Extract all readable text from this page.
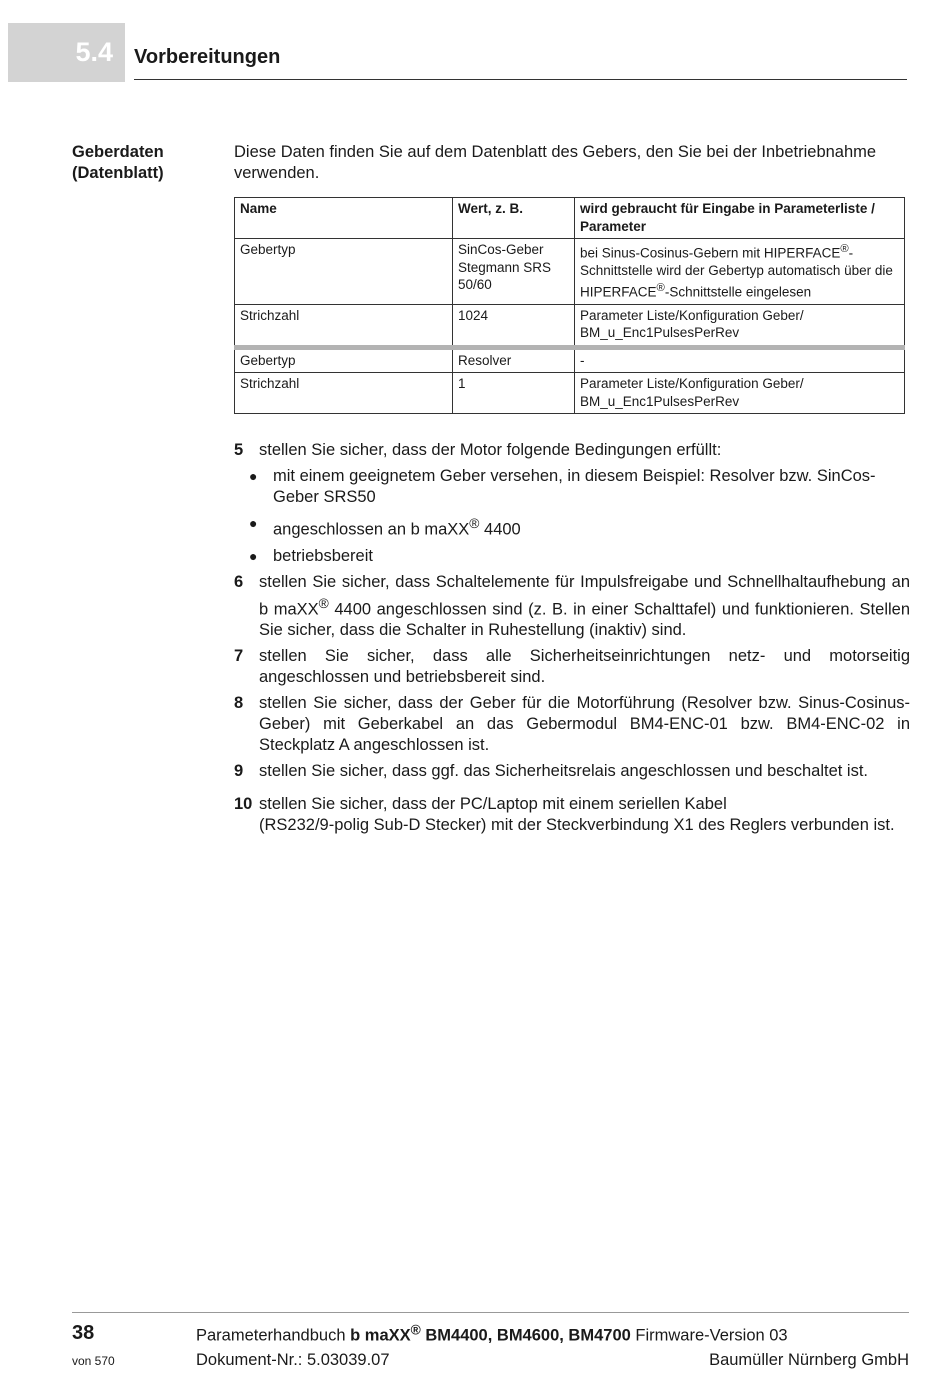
5.4 Vorbereitungen
Geberdaten
(Datenblatt)
Diese Daten finden Sie auf dem Datenblatt des Gebers, den Sie bei der Inbetriebnahme verwenden.
Name	Wert, z. B.	wird gebraucht für Eingabe in Parameterliste / Parameter
Gebertyp	SinCos-Geber Stegmann SRS 50/60	bei Sinus-Cosinus-Gebern mit HIPERFACE®-Schnittstelle wird der Gebertyp automatisch über die HIPERFACE®-Schnittstelle eingelesen
Strichzahl	1024	Parameter Liste/Konfiguration Geber/ BM_u_Enc1PulsesPerRev
Gebertyp	Resolver	-
Strichzahl	1	Parameter Liste/Konfiguration Geber/ BM_u_Enc1PulsesPerRev
5 stellen Sie sicher, dass der Motor folgende Bedingungen erfüllt:
● mit einem geeignetem Geber versehen, in diesem Beispiel: Resolver bzw. SinCos-Geber SRS50
● angeschlossen an b maXX® 4400
● betriebsbereit
6 stellen Sie sicher, dass Schaltelemente für Impulsfreigabe und Schnellhaltaufhebung an b maXX® 4400 angeschlossen sind (z. B. in einer Schalttafel) und funktionieren. Stellen Sie sicher, dass die Schalter in Ruhestellung (inaktiv) sind.
7 stellen Sie sicher, dass alle Sicherheitseinrichtungen netz- und motorseitig angeschlossen und betriebsbereit sind.
8 stellen Sie sicher, dass der Geber für die Motorführung (Resolver bzw. Sinus-Cosinus-Geber) mit Geberkabel an das Gebermodul BM4-ENC-01 bzw. BM4-ENC-02 in Steckplatz A angeschlossen ist.
9 stellen Sie sicher, dass ggf. das Sicherheitsrelais angeschlossen und beschaltet ist.
10 stellen Sie sicher, dass der PC/Laptop mit einem seriellen Kabel
(RS232/9-polig Sub-D Stecker) mit der Steckverbindung X1 des Reglers verbunden ist.
38
von 570
Parameterhandbuch b maXX® BM4400, BM4600, BM4700 Firmware-Version 03
Dokument-Nr.: 5.03039.07	Baumüller Nürnberg GmbH
